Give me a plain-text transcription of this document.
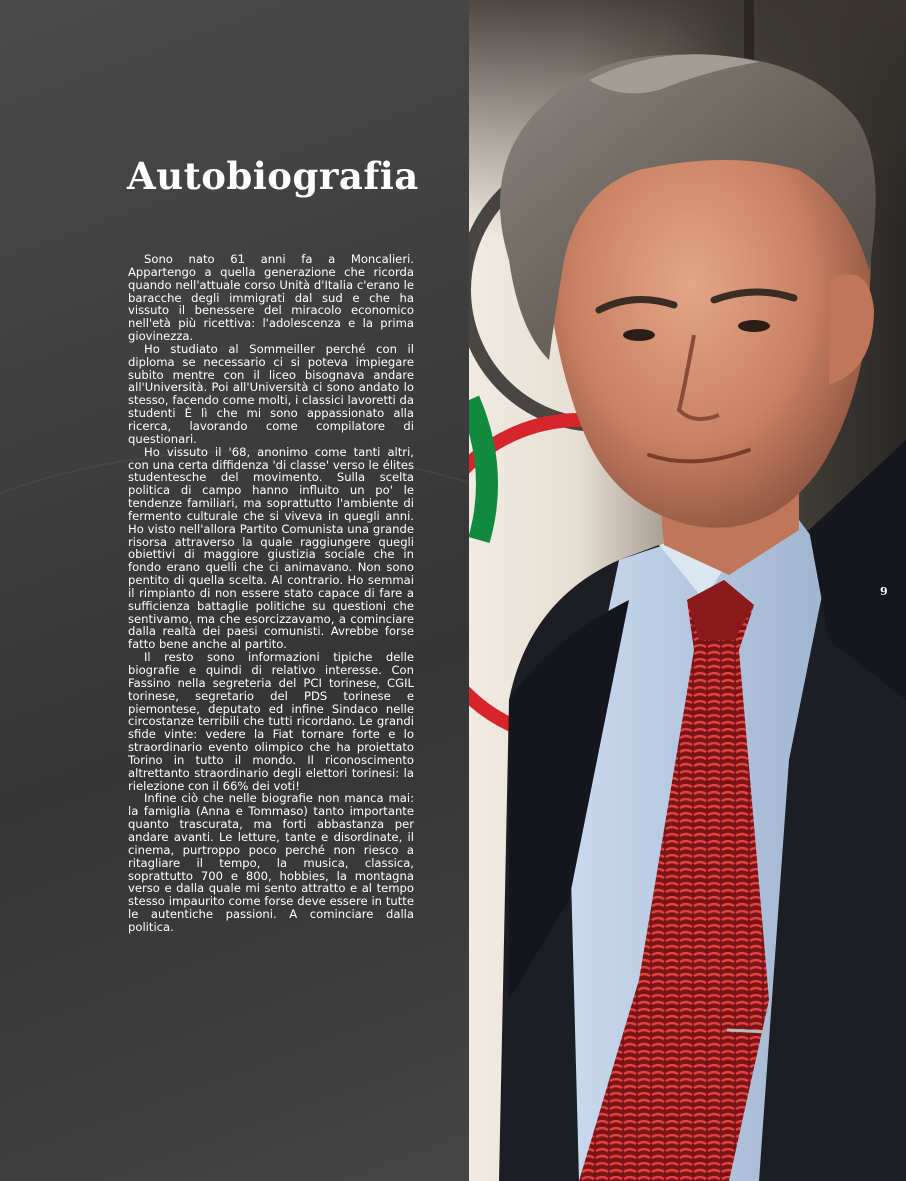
Autobiografia

Sono nato 61 anni fa a Moncalieri. Appartengo a quella generazione che ricorda quando nell'attuale corso Unità d'Italia c'erano le baracche degli immigrati dal sud e che ha vissuto il benessere del miracolo economico nell'età più ricettiva: l'adolescenza e la prima giovinezza.

Ho studiato al Sommeiller perché con il diploma se necessario ci si poteva impiegare subito mentre con il liceo bisognava andare all'Università. Poi all'Università ci sono andato lo stesso, facendo come molti, i classici lavoretti da studenti È lì che mi sono appassionato alla ricerca, lavorando come compilatore di questionari.

Ho vissuto il '68, anonimo come tanti altri, con una certa diffidenza 'di classe' verso le élites studentesche del movimento. Sulla scelta politica di campo hanno influito un po' le tendenze familiari, ma soprattutto l'ambiente di fermento culturale che si viveva in quegli anni. Ho visto nell'allora Partito Comunista una grande risorsa attraverso la quale raggiungere quegli obiettivi di maggiore giustizia sociale che in fondo erano quelli che ci animavano. Non sono pentito di quella scelta. Al contrario. Ho semmai il rimpianto di non essere stato capace di fare a sufficienza battaglie politiche su questioni che sentivamo, ma che esorcizzavamo, a cominciare dalla realtà dei paesi comunisti. Avrebbe forse fatto bene anche al partito.

Il resto sono informazioni tipiche delle biografie e quindi di relativo interesse. Con Fassino nella segreteria del PCI torinese, CGIL torinese, segretario del PDS torinese e piemontese, deputato ed infine Sindaco nelle circostanze terribili che tutti ricordano. Le grandi sfide vinte: vedere la Fiat tornare forte e lo straordinario evento olimpico che ha proiettato Torino in tutto il mondo. Il riconoscimento altrettanto straordinario degli elettori torinesi: la rielezione con il 66% dei voti!

Infine ciò che nelle biografie non manca mai: la famiglia (Anna e Tommaso) tanto importante quanto trascurata, ma forti abbastanza per andare avanti. Le letture, tante e disordinate, il cinema, purtroppo poco perché non riesco a ritagliare il tempo, la musica, classica, soprattutto 700 e 800, hobbies, la montagna verso e dalla quale mi sento attratto e al tempo stesso impaurito come forse deve essere in tutte le autentiche passioni. A cominciare dalla politica.

9
